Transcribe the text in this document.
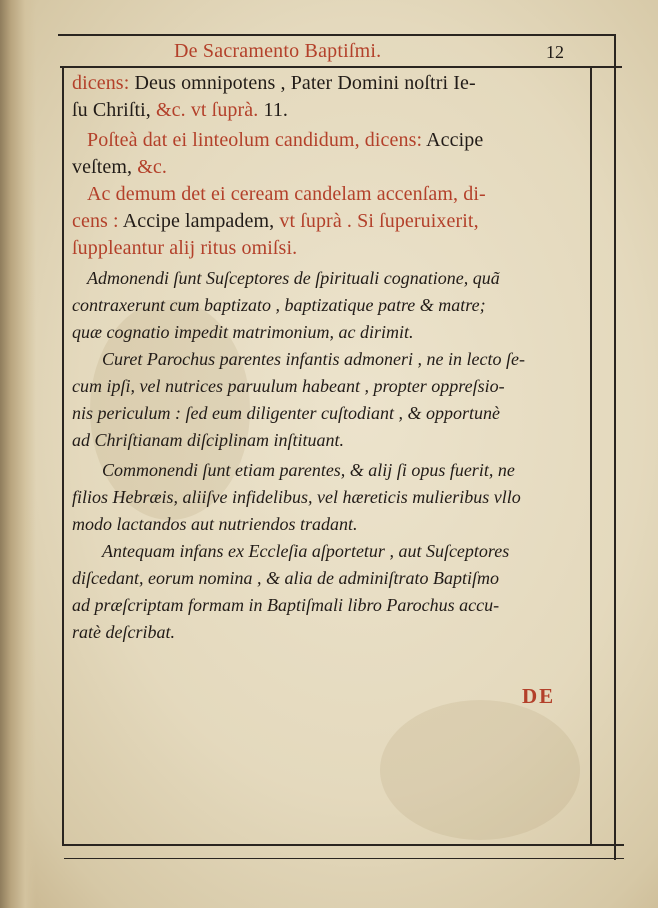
De Sacramento Baptiſmi.	12
dicens: Deus omnipotens , Pater Domini noſtri Ie-
ſu Chriſti, &c. vt ſuprà. 11.
Poſteà dat ei linteolum candidum, dicens: Accipe
veſtem, &c.
Ac demum det ei ceream candelam accenſam, di-
cens : Accipe lampadem, vt ſuprà . Si ſuperuixerit,
ſuppleantur alij ritus omiſsi.
Admonendi ſunt Suſceptores de ſpirituali cognatione, quã
contraxerunt cum baptizato , baptizatique patre & matre;
quæ cognatio impedit matrimonium, ac dirimit.
Curet Parochus parentes infantis admoneri , ne in lecto ſe-
cum ipſi, vel nutrices paruulum habeant , propter oppreſsio-
nis periculum : ſed eum diligenter cuſtodiant , & opportunè
ad Chriſtianam diſciplinam inſtituant.
Commonendi ſunt etiam parentes, & alij ſi opus fuerit, ne
filios Hebræis, aliiſve infidelibus, vel hæreticis mulieribus vllo
modo lactandos aut nutriendos tradant.
Antequam infans ex Eccleſia aſportetur , aut Suſceptores
diſcedant, eorum nomina , & alia de adminiſtrato Baptiſmo
ad præſcriptam formam in Baptiſmali libro Parochus accu-
ratè deſcribat.
DE
